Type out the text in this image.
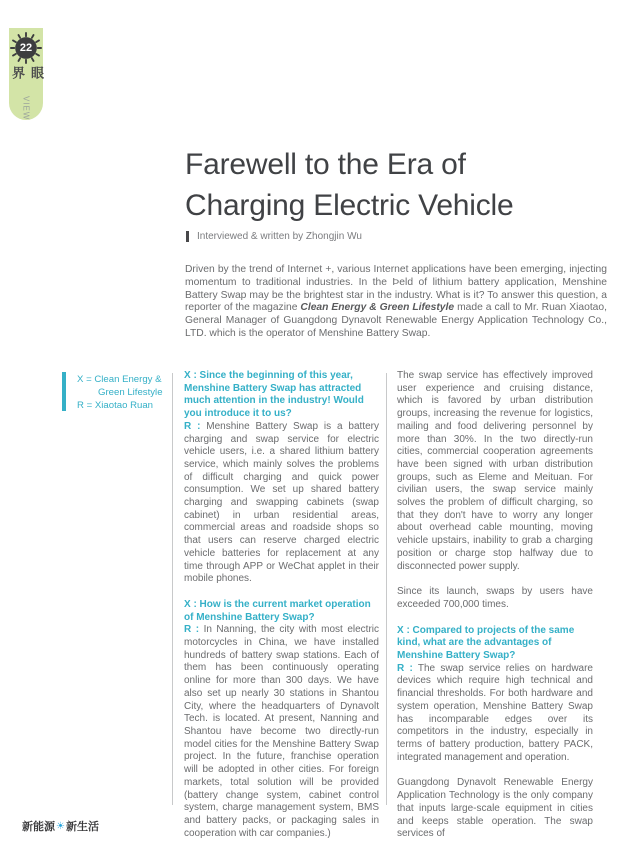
22
眼界
VIEW
Farewell to the Era of
Charging Electric Vehicle
Interviewed & written by Zhongjin Wu

Driven by the trend of Internet +, various Internet applications have been emerging, injecting momentum to traditional industries. In the Þeld of lithium battery application, Menshine Battery Swap may be the brightest star in the industry. What is it? To answer this question, a reporter of the magazine Clean Energy & Green Lifestyle made a call to Mr. Ruan Xiaotao, General Manager of Guangdong Dynavolt Renewable Energy Application Technology Co., LTD. which is the operator of Menshine Battery Swap.

X = Clean Energy &
Green Lifestyle
R = Xiaotao Ruan

X : Since the beginning of this year, Menshine Battery Swap has attracted much attention in the industry! Would you introduce it to us?

R : Menshine Battery Swap is a battery charging and swap service for electric vehicle users, i.e. a shared lithium battery service, which mainly solves the problems of difficult charging and quick power consumption. We set up shared battery charging and swapping cabinets (swap cabinet) in urban residential areas, commercial areas and roadside shops so that users can reserve charged electric vehicle batteries for replacement at any time through APP or WeChat applet in their mobile phones.

X : How is the current market operation of Menshine Battery Swap?

R : In Nanning, the city with most electric motorcycles in China, we have installed hundreds of battery swap stations. Each of them has been continuously operating online for more than 300 days. We have also set up nearly 30 stations in Shantou City, where the headquarters of Dynavolt Tech. is located. At present, Nanning and Shantou have become two directly-run model cities for the Menshine Battery Swap project. In the future, franchise operation will be adopted in other cities. For foreign markets, total solution will be provided (battery change system, cabinet control system, charge management system, BMS and battery packs, or packaging sales in cooperation with car companies.)

The swap service has effectively improved user experience and cruising distance, which is favored by urban distribution groups, increasing the revenue for logistics, mailing and food delivering personnel by more than 30%. In the two directly-run cities, commercial cooperation agreements have been signed with urban distribution groups, such as Eleme and Meituan. For civilian users, the swap service mainly solves the problem of difficult charging, so that they don't have to worry any longer about overhead cable mounting, moving vehicle upstairs, inability to grab a charging position or charge stop halfway due to disconnected power supply.

Since its launch, swaps by users have exceeded 700,000 times.

X : Compared to projects of the same kind, what are the advantages of Menshine Battery Swap?

R : The swap service relies on hardware devices which require high technical and financial thresholds. For both hardware and system operation, Menshine Battery Swap has incomparable edges over its competitors in the industry, especially in terms of battery production, battery PACK, integrated management and operation.

Guangdong Dynavolt Renewable Energy Application Technology is the only company that inputs large-scale equipment in cities and keeps stable operation. The swap services of

新能源 ☀ 新生活
